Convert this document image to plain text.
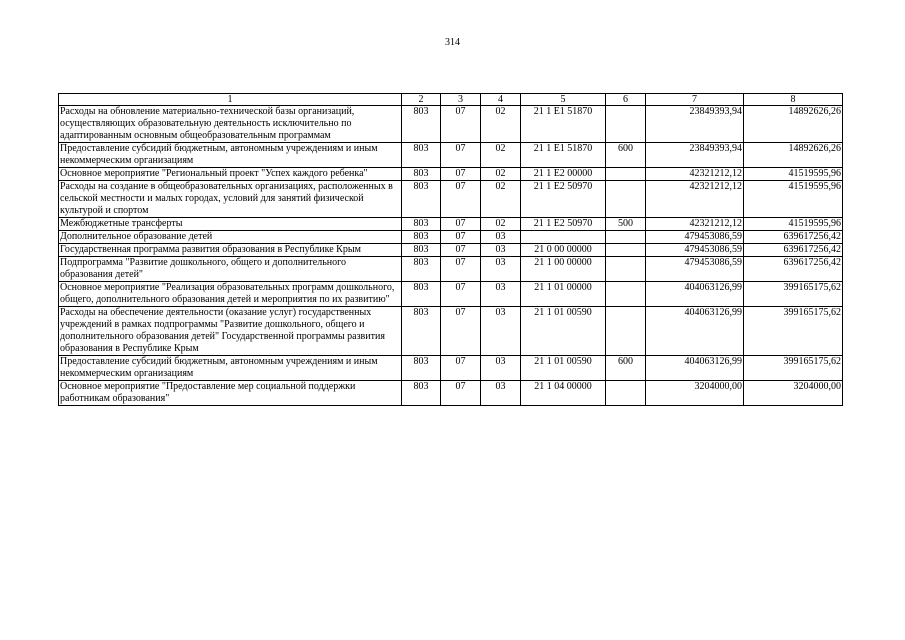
314
1	2	3	4	5	6	7	8
Расходы на обновление материально-технической базы организаций, осуществляющих образовательную деятельность исключительно по адаптированным основным общеобразовательным программам	803	07	02	21 1 E1 51870		23849393,94	14892626,26
Предоставление субсидий бюджетным, автономным учреждениям и иным некоммерческим организациям	803	07	02	21 1 E1 51870	600	23849393,94	14892626,26
Основное мероприятие "Региональный проект "Успех каждого ребенка"	803	07	02	21 1 E2 00000		42321212,12	41519595,96
Расходы на создание в общеобразовательных организациях, расположенных в сельской местности и малых городах, условий для занятий физической культурой и спортом	803	07	02	21 1 E2 50970		42321212,12	41519595,96
Межбюджетные трансферты	803	07	02	21 1 E2 50970	500	42321212,12	41519595,96
Дополнительное образование детей	803	07	03			479453086,59	639617256,42
Государственная программа развития образования в Республике Крым	803	07	03	21 0 00 00000		479453086,59	639617256,42
Подпрограмма "Развитие дошкольного, общего и дополнительного образования детей"	803	07	03	21 1 00 00000		479453086,59	639617256,42
Основное мероприятие "Реализация образовательных программ дошкольного, общего, дополнительного образования детей и мероприятия по их развитию"	803	07	03	21 1 01 00000		404063126,99	399165175,62
Расходы на обеспечение деятельности (оказание услуг) государственных учреждений в рамках подпрограммы "Развитие дошкольного, общего и дополнительного образования детей" Государственной программы развития образования в Республике Крым	803	07	03	21 1 01 00590		404063126,99	399165175,62
Предоставление субсидий бюджетным, автономным учреждениям и иным некоммерческим организациям	803	07	03	21 1 01 00590	600	404063126,99	399165175,62
Основное мероприятие "Предоставление мер социальной поддержки работникам образования"	803	07	03	21 1 04 00000		3204000,00	3204000,00
